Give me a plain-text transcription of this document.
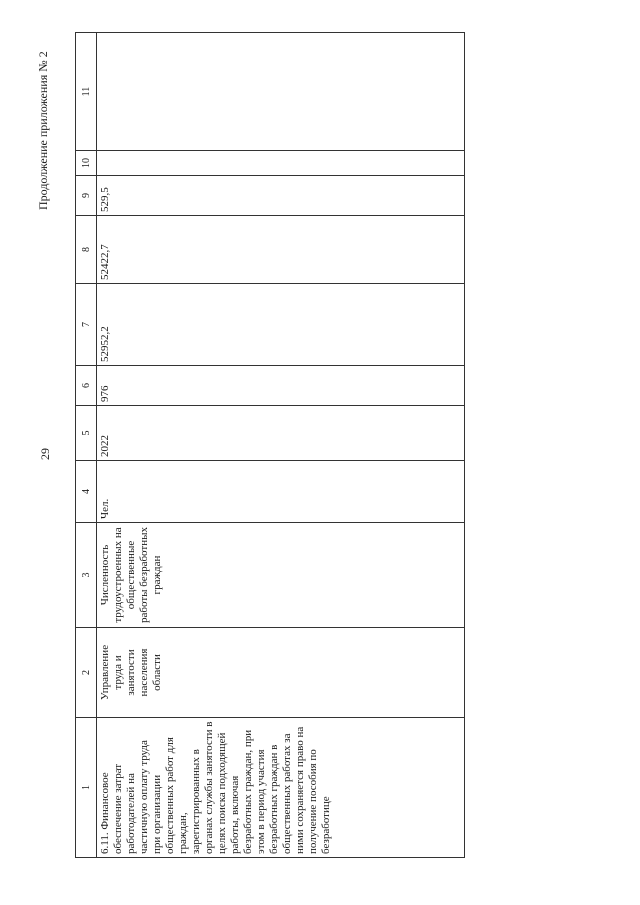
29
Продолжение приложения № 2
1	2	3	4	5	6	7	8	9	10	11
6.11. Финансовое обеспечение затрат работодателей на частичную оплату труда при организации общественных работ для граждан, зарегистрированных в органах службы занятости в целях поиска подходящей работы, включая безработных граждан, при этом в период участия безработных граждан в общественных работах за ними сохраняется право на получение пособия по безработице	Управление труда и занятости населения области	Численность трудоустроенных на общественные работы безработных граждан	Чел.	2022	976	52952,2	52422,7	529,5		
